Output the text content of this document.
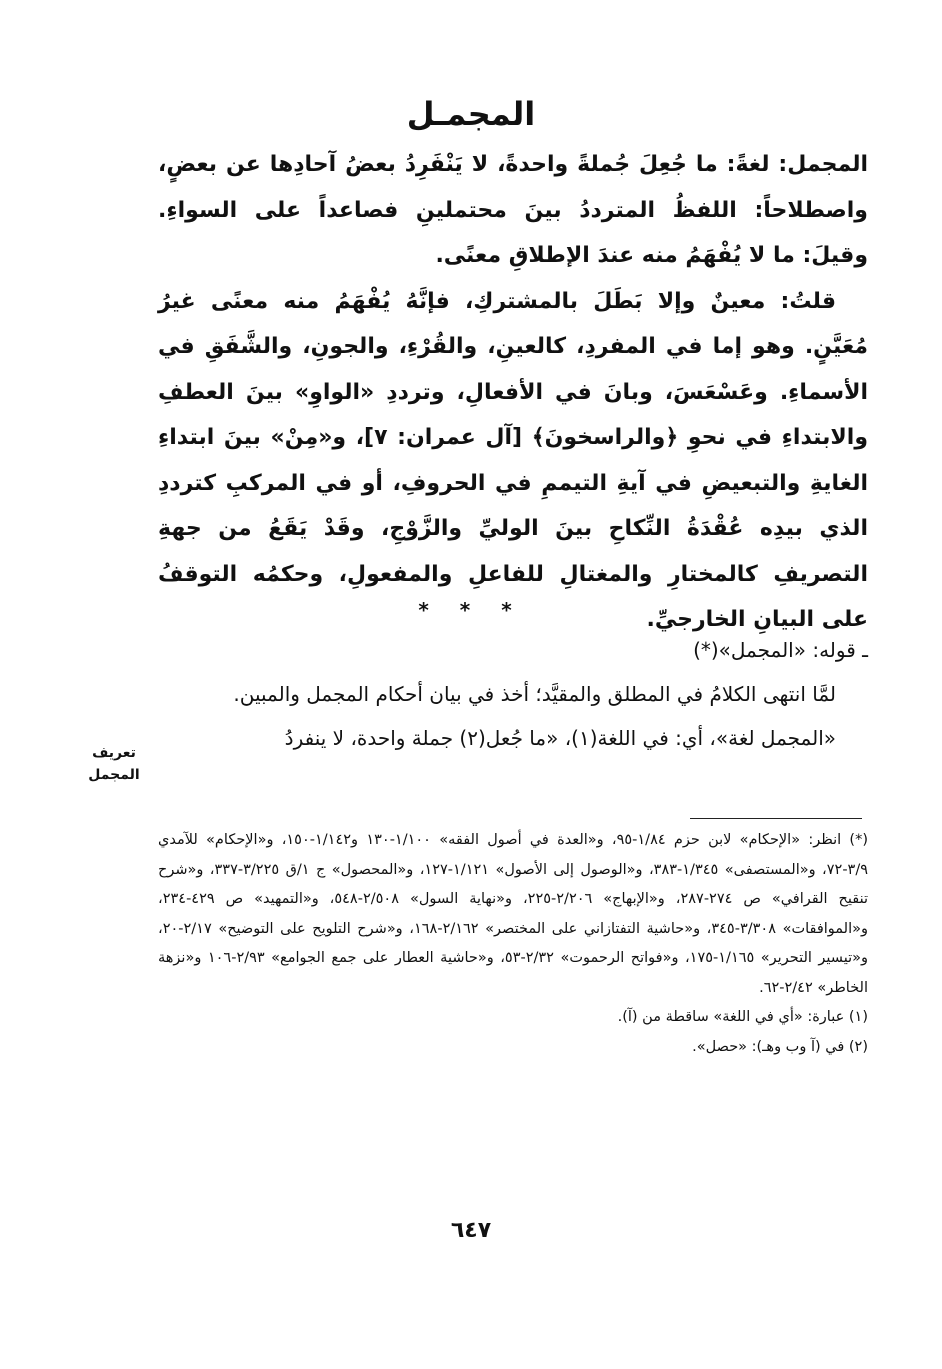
المجمـل

المجمل: لغةً: ما جُعِلَ جُملةً واحدةً، لا يَنْفَرِدُ بعضُ آحادِها عن بعضٍ، واصطلاحاً: اللفظُ المترددُ بينَ محتملينِ فصاعداً على السواءِ. وقيلَ: ما لا يُفْهَمُ منه عندَ الإطلاقِ معنًى.

قلتُ: معينٌ وإلا بَطَلَ بالمشتركِ، فإنَّهُ يُفْهَمُ منه معنًى غيرُ مُعَيَّنٍ. وهو إما في المفردِ، كالعينِ، والقُرْءِ، والجونِ، والشَّفَقِ في الأسماءِ. وعَسْعَسَ، وبانَ في الأفعالِ، وترددِ «الواوِ» بينَ العطفِ والابتداءِ في نحوِ ﴿والراسخونَ﴾ [آل عمران: ٧]، و«مِنْ» بينَ ابتداءِ الغايةِ والتبعيضِ في آيةِ التيممِ في الحروفِ، أو في المركبِ كترددِ الذي بيدِه عُقْدَةُ النِّكاحِ بينَ الوليِّ والزَّوْجِ، وقَدْ يَقَعُ من جهةِ التصريفِ كالمختارِ والمغتالِ للفاعلِ والمفعولِ، وحكمُه التوقفُ على البيانِ الخارجيِّ.

* * *

ـ قوله: «المجمل»(*)

لمَّا انتهى الكلامُ في المطلق والمقيَّد؛ أخذ في بيان أحكام المجمل والمبين.

«المجمل لغة»، أي: في اللغة(١)، «ما جُعل(٢) جملة واحدة، لا ينفردُ

تعريف
المجمل

(*) انظر: «الإحكام» لابن حزم ١/٨٤-٩٥، و«العدة في أصول الفقه» ١/١٠٠-١٣٠ و١/١٤٢-١٥٠، و«الإحكام» للآمدي ٣/٩-٧٢، و«المستصفى» ١/٣٤٥-٣٨٣، و«الوصول إلى الأصول» ١/١٢١-١٢٧، و«المحصول» ج ١/ق ٣/٢٢٥-٣٣٧، و«شرح تنقيح القرافي» ص ٢٧٤-٢٨٧، و«الإبهاج» ٢/٢٠٦-٢٢٥، و«نهاية السول» ٢/٥٠٨-٥٤٨، و«التمهيد» ص ٤٢٩-٢٣٤، و«الموافقات» ٣/٣٠٨-٣٤٥، و«حاشية التفتازاني على المختصر» ٢/١٦٢-١٦٨، و«شرح التلويح على التوضيح» ٢/١٧-٢٠، و«تيسير التحرير» ١/١٦٥-١٧٥، و«فواتح الرحموت» ٢/٣٢-٥٣، و«حاشية العطار على جمع الجوامع» ٢/٩٣-١٠٦ و«نزهة الخاطر» ٢/٤٢-٦٢.

(١) عبارة: «أي في اللغة» ساقطة من (آ).

(٢) في (آ وب وهـ): «حصل».

٦٤٧
